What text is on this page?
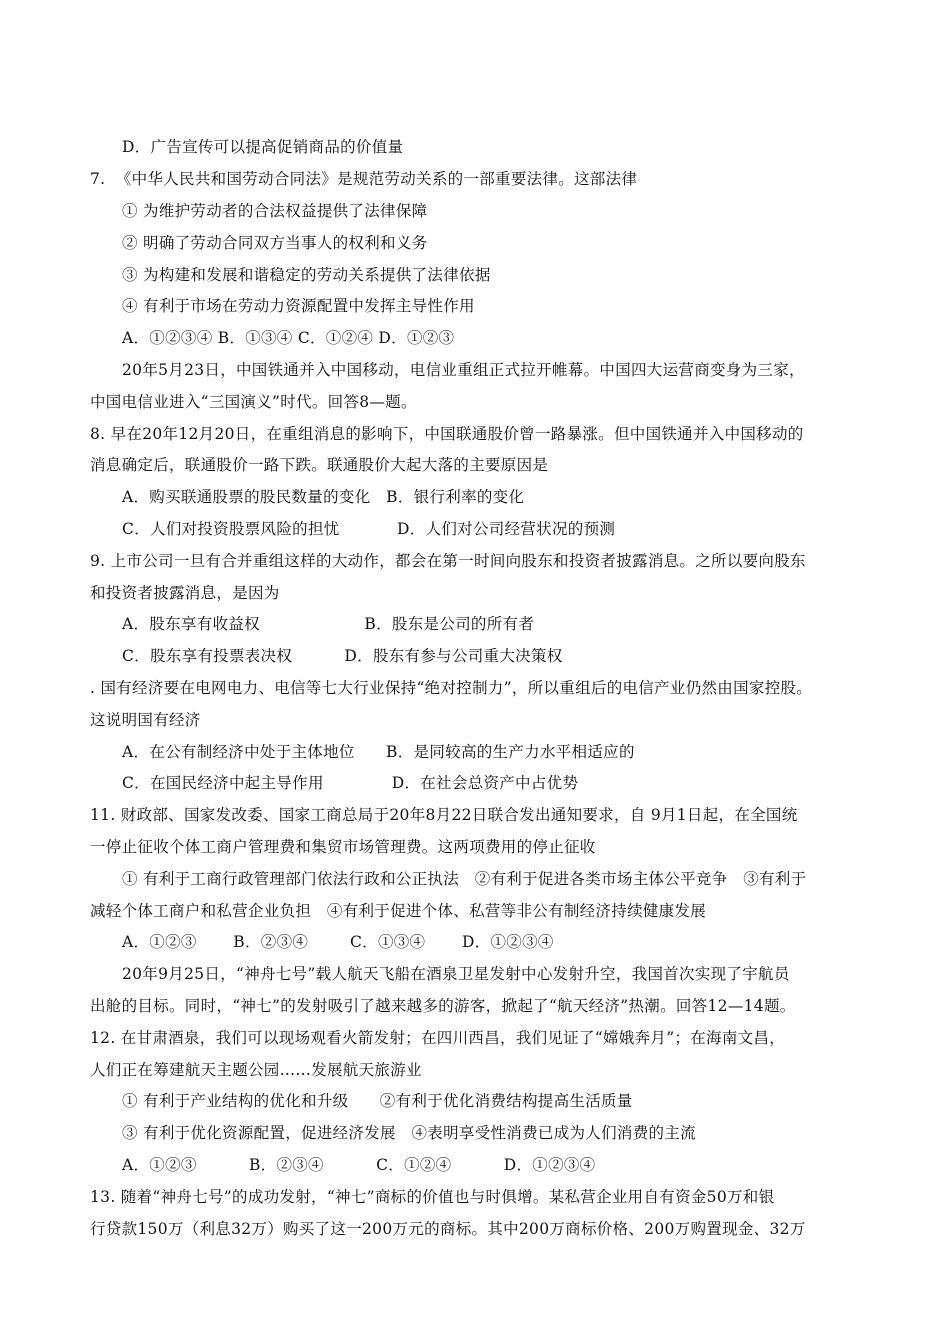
D．广告宣传可以提高促销商品的价值量
7.  《中华人民共和国劳动合同法》是规范劳动关系的一部重要法律。这部法律
① 为维护劳动者的合法权益提供了法律保障
② 明确了劳动合同双方当事人的权利和义务
③ 为构建和发展和谐稳定的劳动关系提供了法律依据
④ 有利于市场在劳动力资源配置中发挥主导性作用
A．①②③④ B．①③④ C．①②④ D．①②③
20年5月23日，中国铁通并入中国移动，电信业重组正式拉开帷幕。中国四大运营商变身为三家，
中国电信业进入“三国演义”时代。回答8—题。
8. 早在20年12月20日，在重组消息的影响下，中国联通股价曾一路暴涨。但中国铁通并入中国移动的
消息确定后，联通股价一路下跌。联通股价大起大落的主要原因是
A．购买联通股票的股民数量的变化   B．银行利率的变化
C．人们对投资股票风险的担忧           D．人们对公司经营状况的预测
9. 上市公司一旦有合并重组这样的大动作，都会在第一时间向股东和投资者披露消息。之所以要向股东
和投资者披露消息，是因为
A．股东享有收益权                    B．股东是公司的所有者
C．股东享有投票表决权          D．股东有参与公司重大决策权
. 国有经济要在电网电力、电信等七大行业保持“绝对控制力”，所以重组后的电信产业仍然由国家控股。
这说明国有经济
A．在公有制经济中处于主体地位      B．是同较高的生产力水平相适应的
C．在国民经济中起主导作用             D．在社会总资产中占优势
11. 财政部、国家发改委、国家工商总局于20年8月22日联合发出通知要求，自 9月1日起，在全国统
一停止征收个体工商户管理费和集贸市场管理费。这两项费用的停止征收
① 有利于工商行政管理部门依法行政和公正执法   ②有利于促进各类市场主体公平竞争   ③有利于
减轻个体工商户和私营企业负担   ④有利于促进个体、私营等非公有制经济持续健康发展
A．①②③       B．②③④        C．①③④       D．①②③④
20年9月25日，“神舟七号”载人航天飞船在酒泉卫星发射中心发射升空，我国首次实现了宇航员
出舱的目标。同时，“神七”的发射吸引了越来越多的游客，掀起了“航天经济”热潮。回答12—14题。
12. 在甘肃酒泉，我们可以现场观看火箭发射；在四川西昌，我们见证了“嫦娥奔月”；在海南文昌，
人们正在筹建航天主题公园……发展航天旅游业
① 有利于产业结构的优化和升级      ②有利于优化消费结构提高生活质量
③ 有利于优化资源配置，促进经济发展   ④表明享受性消费已成为人们消费的主流
A．①②③          B．②③④          C．①②④          D．①②③④
13. 随着“神舟七号”的成功发射，“神七”商标的价值也与时俱增。某私营企业用自有资金50万和银
行贷款150万（利息32万）购买了这一200万元的商标。其中200万商标价格、200万购置现金、32万
